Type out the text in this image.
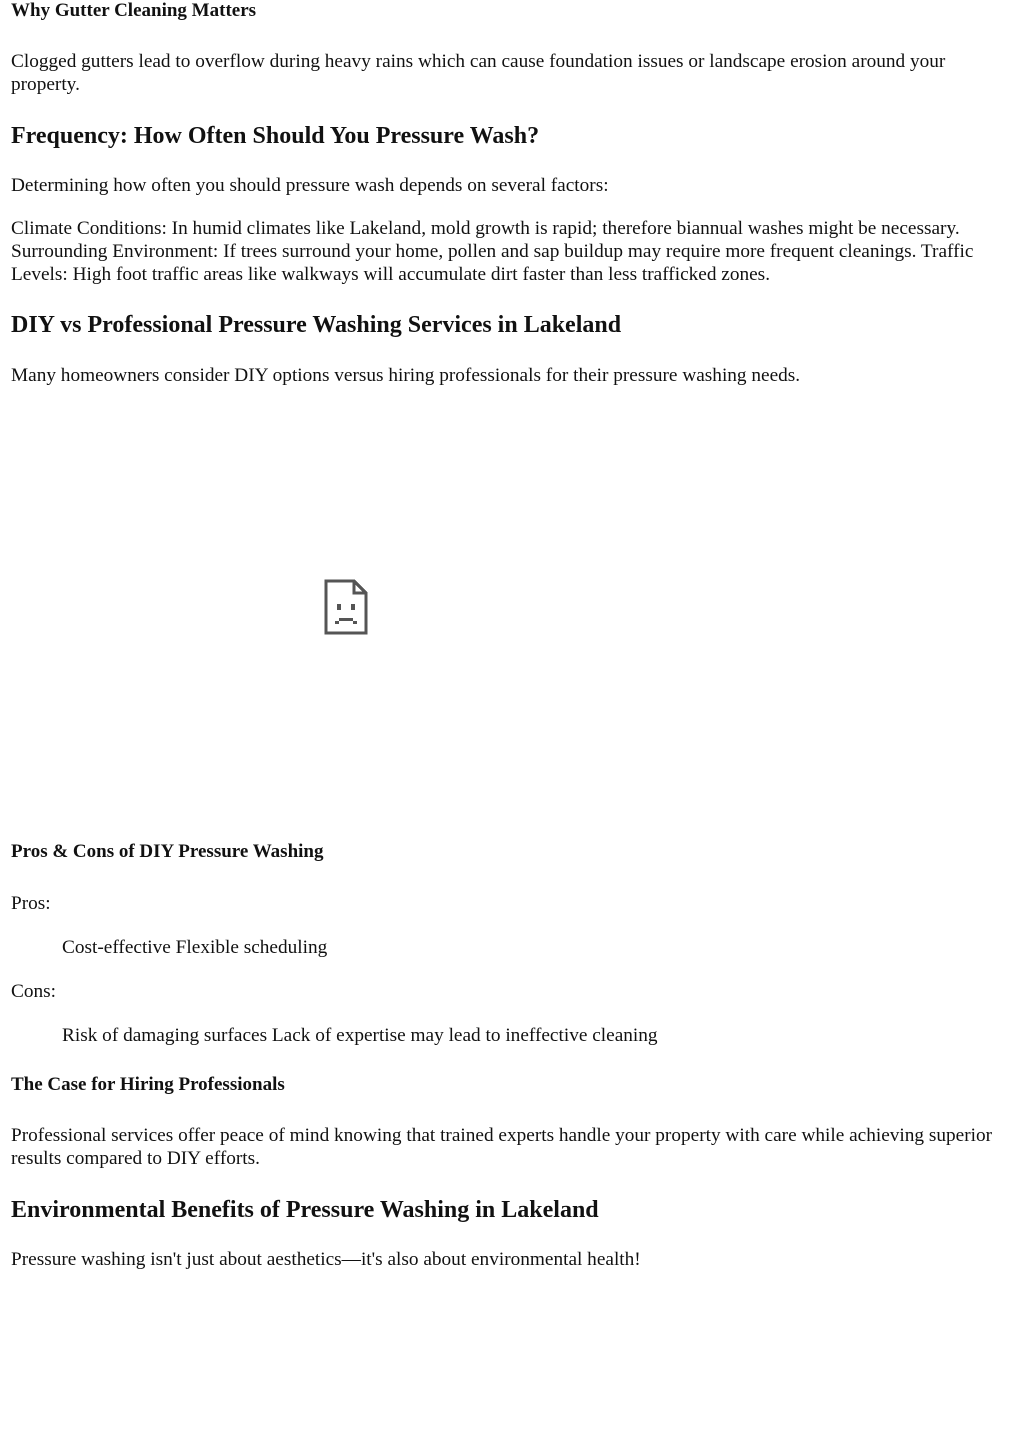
Why Gutter Cleaning Matters

Clogged gutters lead to overflow during heavy rains which can cause foundation issues or landscape erosion around your property.

Frequency: How Often Should You Pressure Wash?

Determining how often you should pressure wash depends on several factors:

Climate Conditions: In humid climates like Lakeland, mold growth is rapid; therefore biannual washes might be necessary. Surrounding Environment: If trees surround your home, pollen and sap buildup may require more frequent cleanings. Traffic Levels: High foot traffic areas like walkways will accumulate dirt faster than less trafficked zones.

DIY vs Professional Pressure Washing Services in Lakeland

Many homeowners consider DIY options versus hiring professionals for their pressure washing needs.

Pros & Cons of DIY Pressure Washing

Pros:

Cost-effective Flexible scheduling

Cons:

Risk of damaging surfaces Lack of expertise may lead to ineffective cleaning

The Case for Hiring Professionals

Professional services offer peace of mind knowing that trained experts handle your property with care while achieving superior results compared to DIY efforts.

Environmental Benefits of Pressure Washing in Lakeland

Pressure washing isn't just about aesthetics—it's also about environmental health!
